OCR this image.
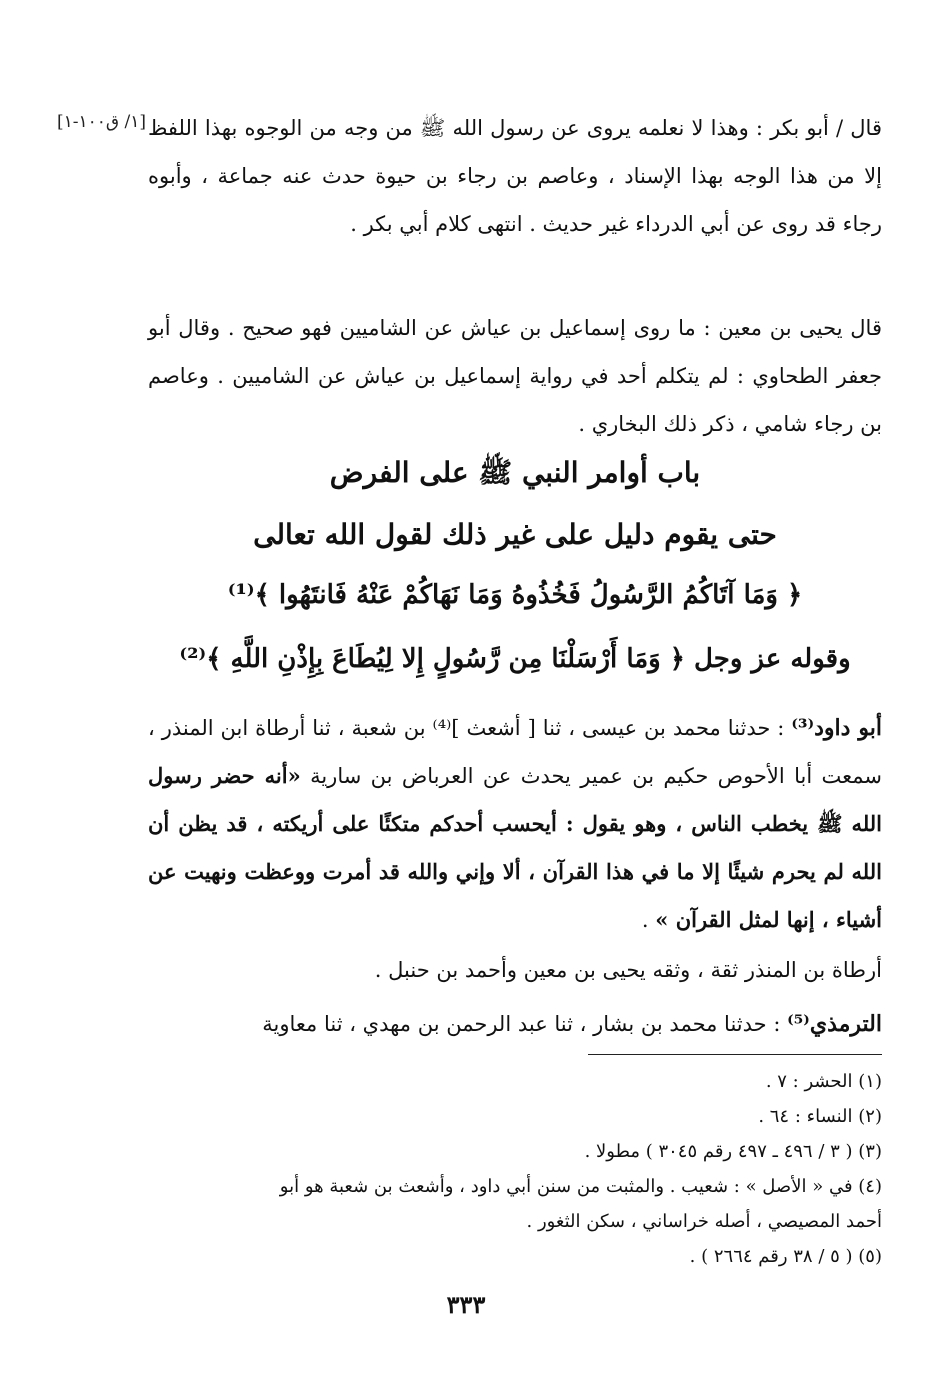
[١/ ق١٠٠-١] قال / أبو بكر : وهذا لا نعلمه يروى عن رسول الله ﷺ من وجه من الوجوه بهذا اللفظ إلا من هذا الوجه بهذا الإسناد ، وعاصم بن رجاء بن حيوة حدث عنه جماعة ، وأبوه رجاء قد روى عن أبي الدرداء غير حديث . انتهى كلام أبي بكر .
قال يحيى بن معين : ما روى إسماعيل بن عياش عن الشاميين فهو صحيح . وقال أبو جعفر الطحاوي : لم يتكلم أحد في رواية إسماعيل بن عياش عن الشاميين . وعاصم بن رجاء شامي ، ذكر ذلك البخاري .
باب أوامر النبي ﷺ على الفرض
حتى يقوم دليل على غير ذلك لقول الله تعالى
﴿ وَمَا آتَاكُمُ الرَّسُولُ فَخُذُوهُ وَمَا نَهَاكُمْ عَنْهُ فَانتَهُوا ﴾⁽¹⁾
وقوله عز وجل ﴿ وَمَا أَرْسَلْنَا مِن رَّسُولٍ إِلا لِيُطَاعَ بِإِذْنِ اللَّهِ ﴾⁽²⁾
أبو داود⁽³⁾ : حدثنا محمد بن عيسى ، ثنا [ أشعث ]⁽⁴⁾ بن شعبة ، ثنا أرطاة ابن المنذر ، سمعت أبا الأحوص حكيم بن عمير يحدث عن العرباض بن سارية «أنه حضر رسول الله ﷺ يخطب الناس ، وهو يقول : أيحسب أحدكم متكئًا على أريكته ، قد يظن أن الله لم يحرم شيئًا إلا ما في هذا القرآن ، ألا وإني والله قد أمرت ووعظت ونهيت عن أشياء ، إنها لمثل القرآن » .
أرطاة بن المنذر ثقة ، وثقه يحيى بن معين وأحمد بن حنبل .
الترمذي⁽⁵⁾ : حدثنا محمد بن بشار ، ثنا عبد الرحمن بن مهدي ، ثنا معاوية
(١) الحشر : ٧ .
(٢) النساء : ٦٤ .
(٣) ( ٣ / ٤٩٦ ـ ٤٩٧ رقم ٣٠٤٥ ) مطولا .
(٤) في « الأصل » : شعيب . والمثبت من سنن أبي داود ، وأشعث بن شعبة هو أبو
أحمد المصيصي ، أصله خراساني ، سكن الثغور .
(٥) ( ٥ / ٣٨ رقم ٢٦٦٤ ) .
٣٣٣
